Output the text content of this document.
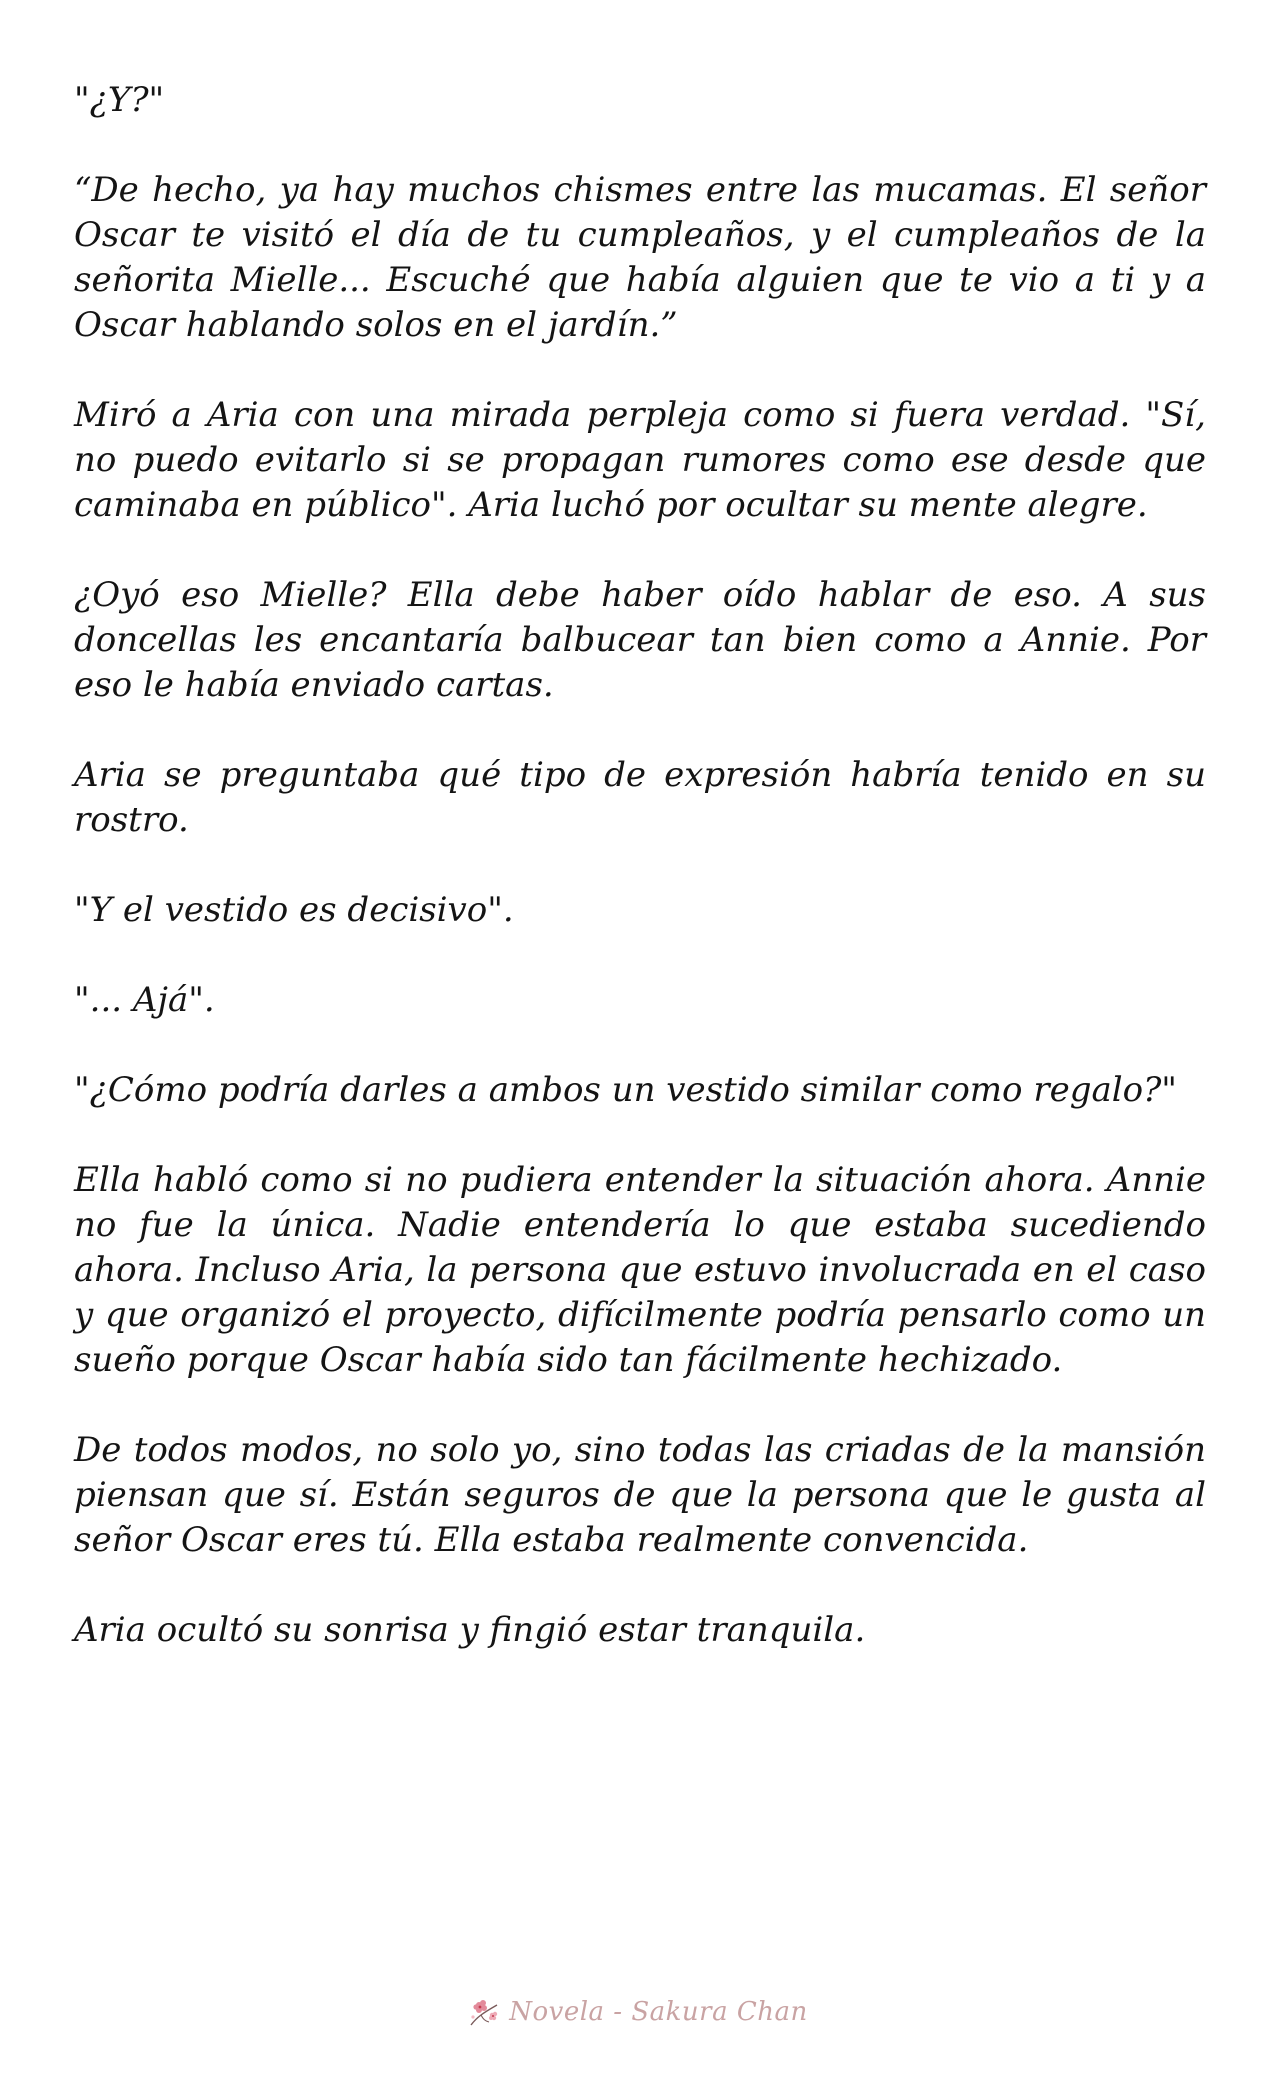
"¿Y?"

“De hecho, ya hay muchos chismes entre las mucamas. El señor Oscar te visitó el día de tu cumpleaños, y el cumpleaños de la señorita Mielle... Escuché que había alguien que te vio a ti y a Oscar hablando solos en el jardín.”

Miró a Aria con una mirada perpleja como si fuera verdad. "Sí, no puedo evitarlo si se propagan rumores como ese desde que caminaba en público". Aria luchó por ocultar su mente alegre.

¿Oyó eso Mielle? Ella debe haber oído hablar de eso. A sus doncellas les encantaría balbucear tan bien como a Annie. Por eso le había enviado cartas.

Aria se preguntaba qué tipo de expresión habría tenido en su rostro.

"Y el vestido es decisivo".

"... Ajá".

"¿Cómo podría darles a ambos un vestido similar como regalo?"

Ella habló como si no pudiera entender la situación ahora. Annie no fue la única. Nadie entendería lo que estaba sucediendo ahora. Incluso Aria, la persona que estuvo involucrada en el caso y que organizó el proyecto, difícilmente podría pensarlo como un sueño porque Oscar había sido tan fácilmente hechizado.

De todos modos, no solo yo, sino todas las criadas de la mansión piensan que sí. Están seguros de que la persona que le gusta al señor Oscar eres tú. Ella estaba realmente convencida.

Aria ocultó su sonrisa y fingió estar tranquila.

Novela - Sakura Chan
